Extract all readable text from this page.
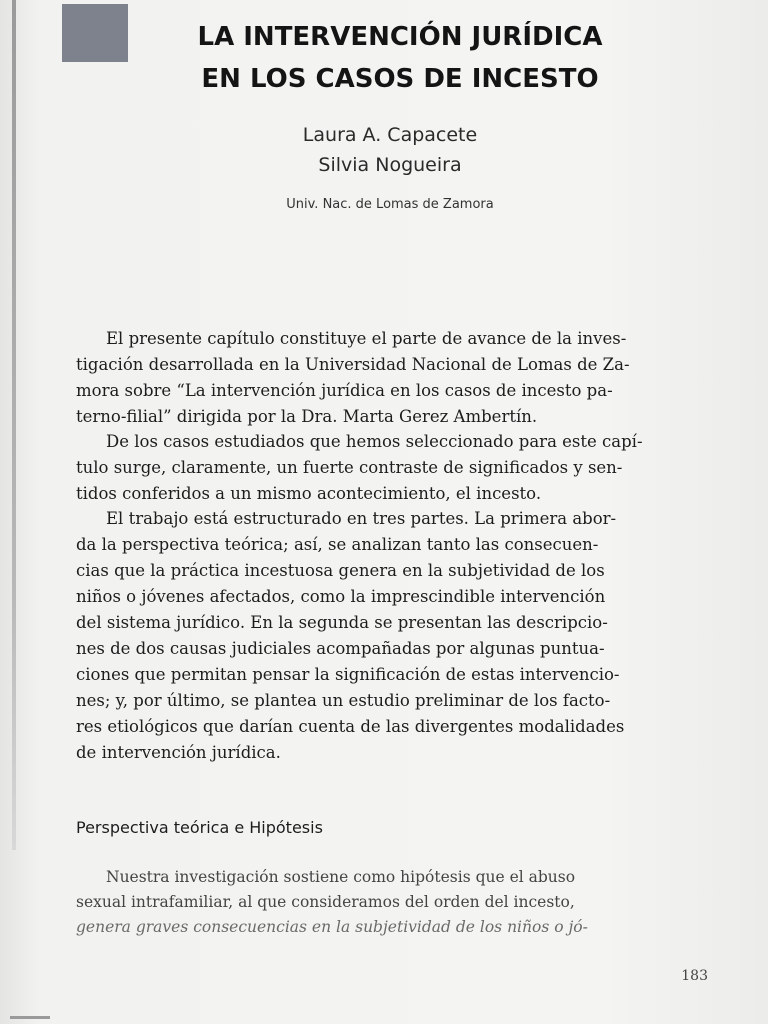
LA INTERVENCIÓN JURÍDICA
EN LOS CASOS DE INCESTO
Laura A. Capacete
Silvia Nogueira
Univ. Nac. de Lomas de Zamora

El presente capítulo constituye el parte de avance de la inves-
tigación desarrollada en la Universidad Nacional de Lomas de Za-
mora sobre “La intervención jurídica en los casos de incesto pa-
terno-filial” dirigida por la Dra. Marta Gerez Ambertín.

De los casos estudiados que hemos seleccionado para este capí-
tulo surge, claramente, un fuerte contraste de significados y sen-
tidos conferidos a un mismo acontecimiento, el incesto.

El trabajo está estructurado en tres partes. La primera abor-
da la perspectiva teórica; así, se analizan tanto las consecuen-
cias que la práctica incestuosa genera en la subjetividad de los
niños o jóvenes afectados, como la imprescindible intervención
del sistema jurídico. En la segunda se presentan las descripcio-
nes de dos causas judiciales acompañadas por algunas puntua-
ciones que permitan pensar la significación de estas intervencio-
nes; y, por último, se plantea un estudio preliminar de los facto-
res etiológicos que darían cuenta de las divergentes modalidades
de intervención jurídica.

Perspectiva teórica e Hipótesis

Nuestra investigación sostiene como hipótesis que el abuso
sexual intrafamiliar, al que consideramos del orden del incesto,
genera graves consecuencias en la subjetividad de los niños o jó-

183
